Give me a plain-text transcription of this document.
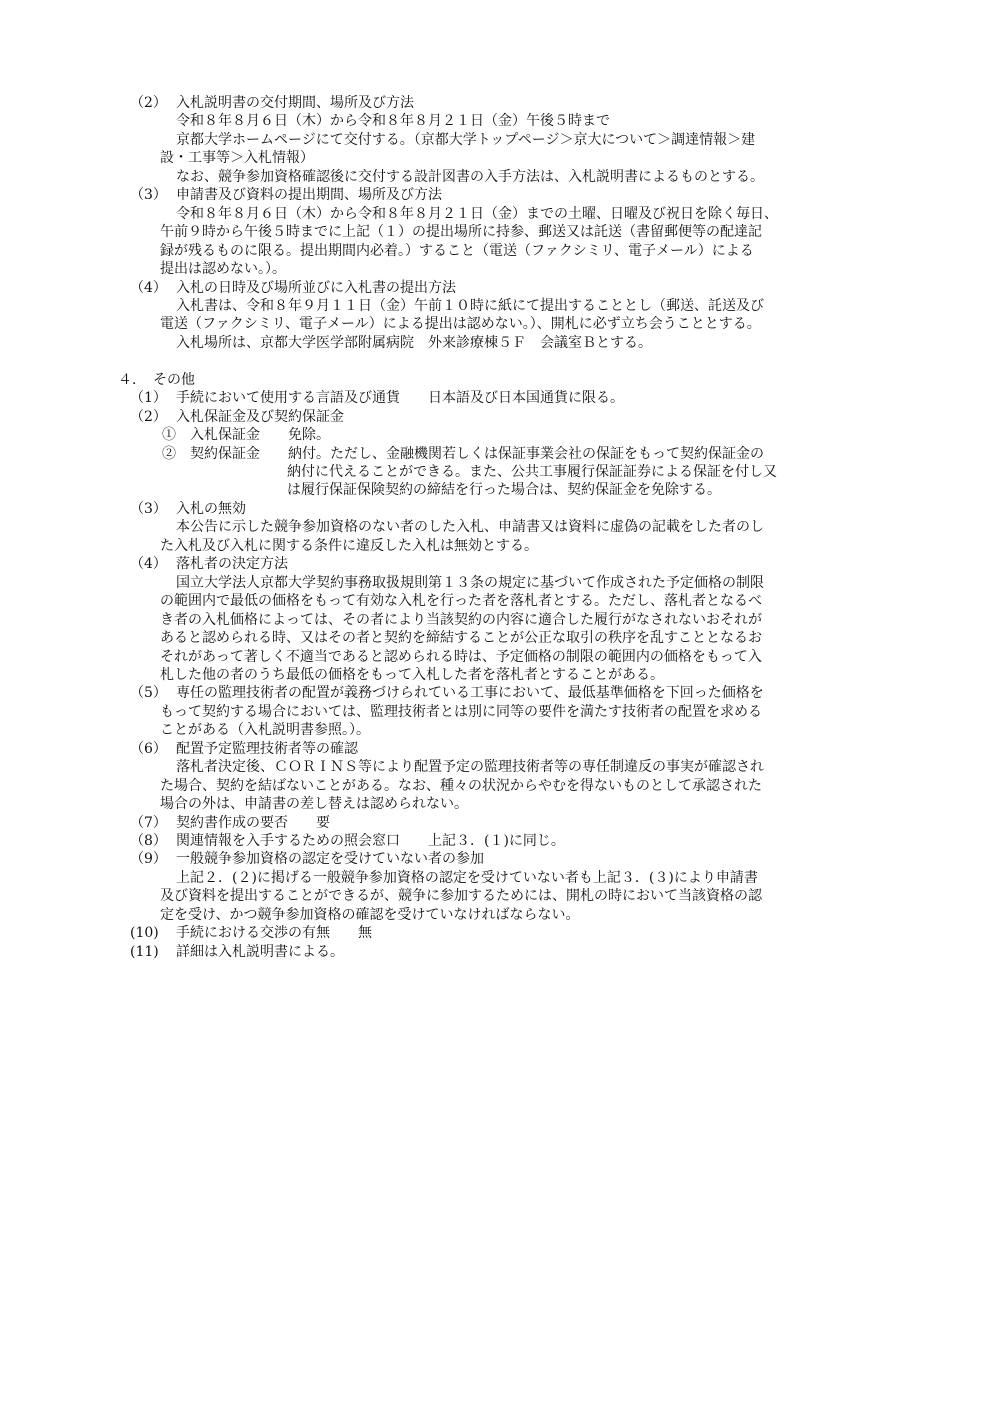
（2） 入札説明書の交付期間、場所及び方法
令和８年８月６日（木）から令和８年８月２１日（金）午後５時まで
京都大学ホームページにて交付する。（京都大学トップページ＞京大について＞調達情報＞建
設・工事等＞入札情報）
なお、競争参加資格確認後に交付する設計図書の入手方法は、入札説明書によるものとする。
（3） 申請書及び資料の提出期間、場所及び方法
令和８年８月６日（木）から令和８年８月２１日（金）までの土曜、日曜及び祝日を除く毎日、
午前９時から午後５時までに上記（１）の提出場所に持参、郵送又は託送（書留郵便等の配達記
録が残るものに限る。提出期間内必着。）すること（電送（ファクシミリ、電子メール）による
提出は認めない。）。
（4） 入札の日時及び場所並びに入札書の提出方法
入札書は、令和８年９月１１日（金）午前１０時に紙にて提出することとし（郵送、託送及び
電送（ファクシミリ、電子メール）による提出は認めない。）、開札に必ず立ち会うこととする。
入札場所は、京都大学医学部附属病院　外来診療棟５Ｆ　会議室Ｂとする。
４．　その他
（1） 手続において使用する言語及び通貨　　日本語及び日本国通貨に限る。
（2） 入札保証金及び契約保証金
①　入札保証金　　免除。
②　契約保証金　　納付。ただし、金融機関若しくは保証事業会社の保証をもって契約保証金の
納付に代えることができる。また、公共工事履行保証証券による保証を付し又
は履行保証保険契約の締結を行った場合は、契約保証金を免除する。
（3） 入札の無効
本公告に示した競争参加資格のない者のした入札、申請書又は資料に虚偽の記載をした者のし
た入札及び入札に関する条件に違反した入札は無効とする。
（4） 落札者の決定方法
国立大学法人京都大学契約事務取扱規則第１３条の規定に基づいて作成された予定価格の制限
の範囲内で最低の価格をもって有効な入札を行った者を落札者とする。ただし、落札者となるべ
き者の入札価格によっては、その者により当該契約の内容に適合した履行がなされないおそれが
あると認められる時、又はその者と契約を締結することが公正な取引の秩序を乱すこととなるお
それがあって著しく不適当であると認められる時は、予定価格の制限の範囲内の価格をもって入
札した他の者のうち最低の価格をもって入札した者を落札者とすることがある。
（5） 専任の監理技術者の配置が義務づけられている工事において、最低基準価格を下回った価格を
もって契約する場合においては、監理技術者とは別に同等の要件を満たす技術者の配置を求める
ことがある（入札説明書参照。）。
（6） 配置予定監理技術者等の確認
落札者決定後、ＣＯＲＩＮＳ等により配置予定の監理技術者等の専任制違反の事実が確認され
た場合、契約を結ばないことがある。なお、種々の状況からやむを得ないものとして承認された
場合の外は、申請書の差し替えは認められない。
（7） 契約書作成の要否　　要
（8） 関連情報を入手するための照会窓口　　上記３．(１)に同じ。
（9） 一般競争参加資格の認定を受けていない者の参加
上記２．(２)に掲げる一般競争参加資格の認定を受けていない者も上記３．(３)により申請書
及び資料を提出することができるが、競争に参加するためには、開札の時において当該資格の認
定を受け、かつ競争参加資格の確認を受けていなければならない。
(10) 手続における交渉の有無　　無
(11) 詳細は入札説明書による。
